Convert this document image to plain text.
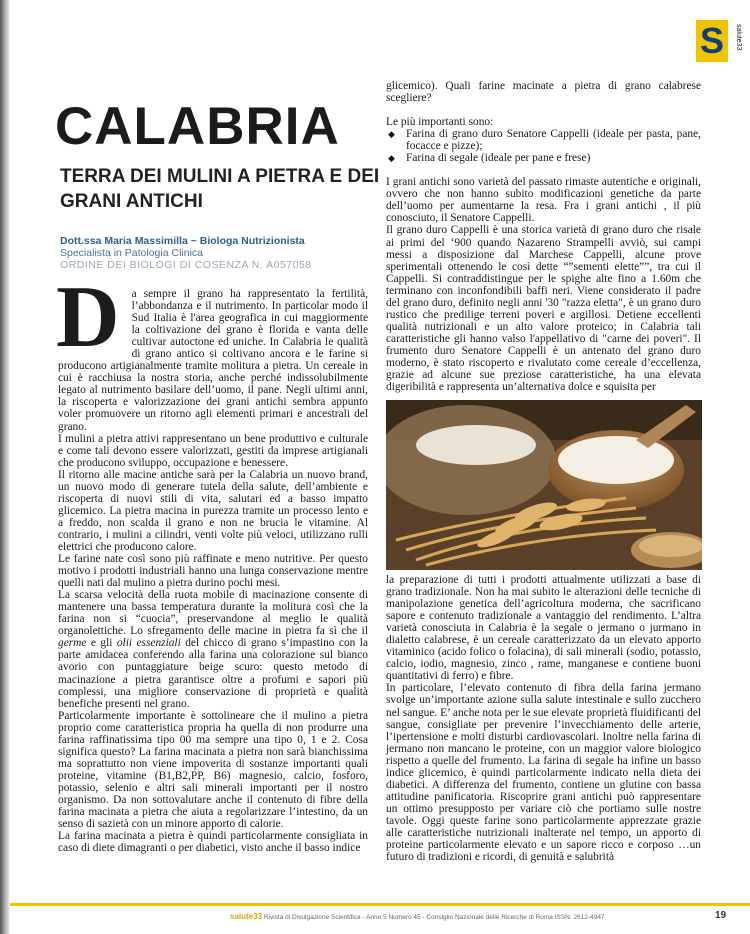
S	salute33
CALABRIA
TERRA DEI MULINI A PIETRA E DEI GRANI ANTICHI
Dott.ssa Maria Massimilla ~ Biologa Nutrizionista
Specialista in Patologia Clinica
ORDINE DEI BIOLOGI DI COSENZA N. A057058

D a sempre il grano ha rappresentato la fertilità, l’abbondanza e il nutrimento. In particolar modo il Sud Italia è l'area geografica in cui maggiormente la coltivazione del grano è florida e vanta delle cultivar autoctone ed uniche. In Calabria le qualità di grano antico si coltivano ancora e le farine si producono artigianalmente tramite molitura a pietra. Un cereale in cui è racchiusa la nostra storia, anche perché indissolubilmente legato al nutrimento basilare dell’uomo, il pane. Negli ultimi anni, la riscoperta e valorizzazione dei grani antichi sembra appunto voler promuovere un ritorno agli elementi primari e ancestrali del grano.

I mulini a pietra attivi rappresentano un bene produttivo e culturale e come tali devono essere valorizzati, gestiti da imprese artigianali che producono sviluppo, occupazione e benessere.

Il ritorno alle macine antiche sarà per la Calabria un nuovo brand, un nuovo modo di generare tutela della salute, dell’ambiente e riscoperta di nuovi stili di vita, salutari ed a basso impatto glicemico. La pietra macina in purezza tramite un processo lento e a freddo, non scalda il grano e non ne brucia le vitamine. Al contrario, i mulini a cilindri, venti volte più veloci, utilizzano rulli elettrici che producono calore.

Le farine nate così sono più raffinate e meno nutritive. Per questo motivo i prodotti industriali hanno una lunga conservazione mentre quelli nati dal mulino a pietra durino pochi mesi.

La scarsa velocità della ruota mobile di macinazione consente di mantenere una bassa temperatura durante la molitura così che la farina non si “cuocia”, preservandone al meglio le qualità organolettiche. Lo sfregamento delle macine in pietra fa sì che il germe e gli olii essenziali del chicco di grano s’impastino con la parte amidacea conferendo alla farina una colorazione sul bianco avorio con puntaggiature beige scuro: questo metodo di macinazione a pietra garantisce oltre a profumi e sapori più complessi, una migliore conservazione di proprietà e qualità benefiche presenti nel grano.

Particolarmente importante è sottolineare che il mulino a pietra proprio come caratteristica propria ha quella di non produrre una farina raffinatissima tipo 00 ma sempre una tipo 0, 1 e 2. Cosa significa questo? La farina macinata a pietra non sarà bianchissima ma soprattutto non viene impoverita di sostanze importanti quali proteine, vitamine (B1,B2,PP, B6) magnesio, calcio, fosforo, potassio, selenio e altri sali minerali importanti per il nostro organismo. Da non sottovalutare anche il contenuto di fibre della farina macinata a pietra che aiuta a regolarizzare l’intestino, da un senso di sazietà con un minore apporto di calorie.

La farina macinata a pietra è quindi particolarmente consigliata in caso di diete dimagranti o per diabetici, visto anche il basso indice

glicemico). Quali farine macinate a pietra di grano calabrese scegliere?

Le più importanti sono:

◆ Farina di grano duro Senatore Cappelli (ideale per pasta, pane, focacce e pizze);
◆ Farina di segale (ideale per pane e frese)

I grani antichi sono varietà del passato rimaste autentiche e originali, ovvero che non hanno subito modificazioni genetiche da parte dell’uomo per aumentarne la resa. Fra i grani antichi , il più conosciuto, il Senatore Cappelli.

Il grano duro Cappelli è una storica varietà di grano duro che risale ai primi del ‘900 quando Nazareno Strampelli avviò, sui campi messi a disposizione dal Marchese Cappelli, alcune prove sperimentali ottenendo le così dette “”sementi elette””, tra cui il Cappelli. Si contraddistingue per le spighe alte fino a 1.60m che terminano con inconfondibili baffi neri. Viene considerato il padre del grano duro, definito negli anni '30 "razza eletta", è un grano duro rustico che predilige terreni poveri e argillosi. Detiene eccellenti qualità nutrizionali e un alto valore proteico; in Calabria tali caratteristiche gli hanno valso l'appellativo di "carne dei poveri". Il frumento duro Senatore Cappelli è un antenato del grano duro moderno, è stato riscoperto e rivalutato come cereale d’eccellenza, grazie ad alcune sue preziose caratteristiche, ha una elevata digeribilità e rappresenta un’alternativa dolce e squisita per

la preparazione di tutti i prodotti attualmente utilizzati a base di grano tradizionale. Non ha mai subito le alterazioni delle tecniche di manipolazione genetica dell’agricoltura moderna, che sacrificano sapore e contenuto tradizionale a vantaggio del rendimento. L’altra varietà conosciuta in Calabria è la segale o jermano o jurmano in dialetto calabrese, è un cereale caratterizzato da un elevato apporto vitaminico (acido folico o folacina), di sali minerali (sodio, potassio, calcio, iodio, magnesio, zinco , rame, manganese e contiene buoni quantitativi di ferro) e fibre.

In particolare, l’elevato contenuto di fibra della farina jermano svolge un’importante azione sulla salute intestinale e sullo zucchero nel sangue. E’ anche nota per le sue elevate proprietà fluidificanti del sangue, consigliate per prevenire l’invecchiamento delle arterie, l’ipertensione e molti disturbi cardiovascolari. Inoltre nella farina di jermano non mancano le proteine, con un maggior valore biologico rispetto a quelle del frumento. La farina di segale ha infine un basso indice glicemico, è quindi particolarmente indicato nella dieta dei diabetici. A differenza del frumento, contiene un glutine con bassa attitudine panificatoria. Riscoprire grani antichi può rappresentare un ottimo presupposto per variare ciò che portiamo sulle nostre tavole. Oggi queste farine sono particolarmente apprezzate grazie alle caratteristiche nutrizionali inalterate nel tempo, un apporto di proteine particolarmente elevato e un sapore ricco e corposo …un futuro di tradizioni e ricordi, di genuità e salubrità

salute33 Rivista di Divulgazione Scientifica - Anno 5 Numero 45 - Consiglio Nazionale delle Ricerche di Roma ISSN: 2612-4947	19
